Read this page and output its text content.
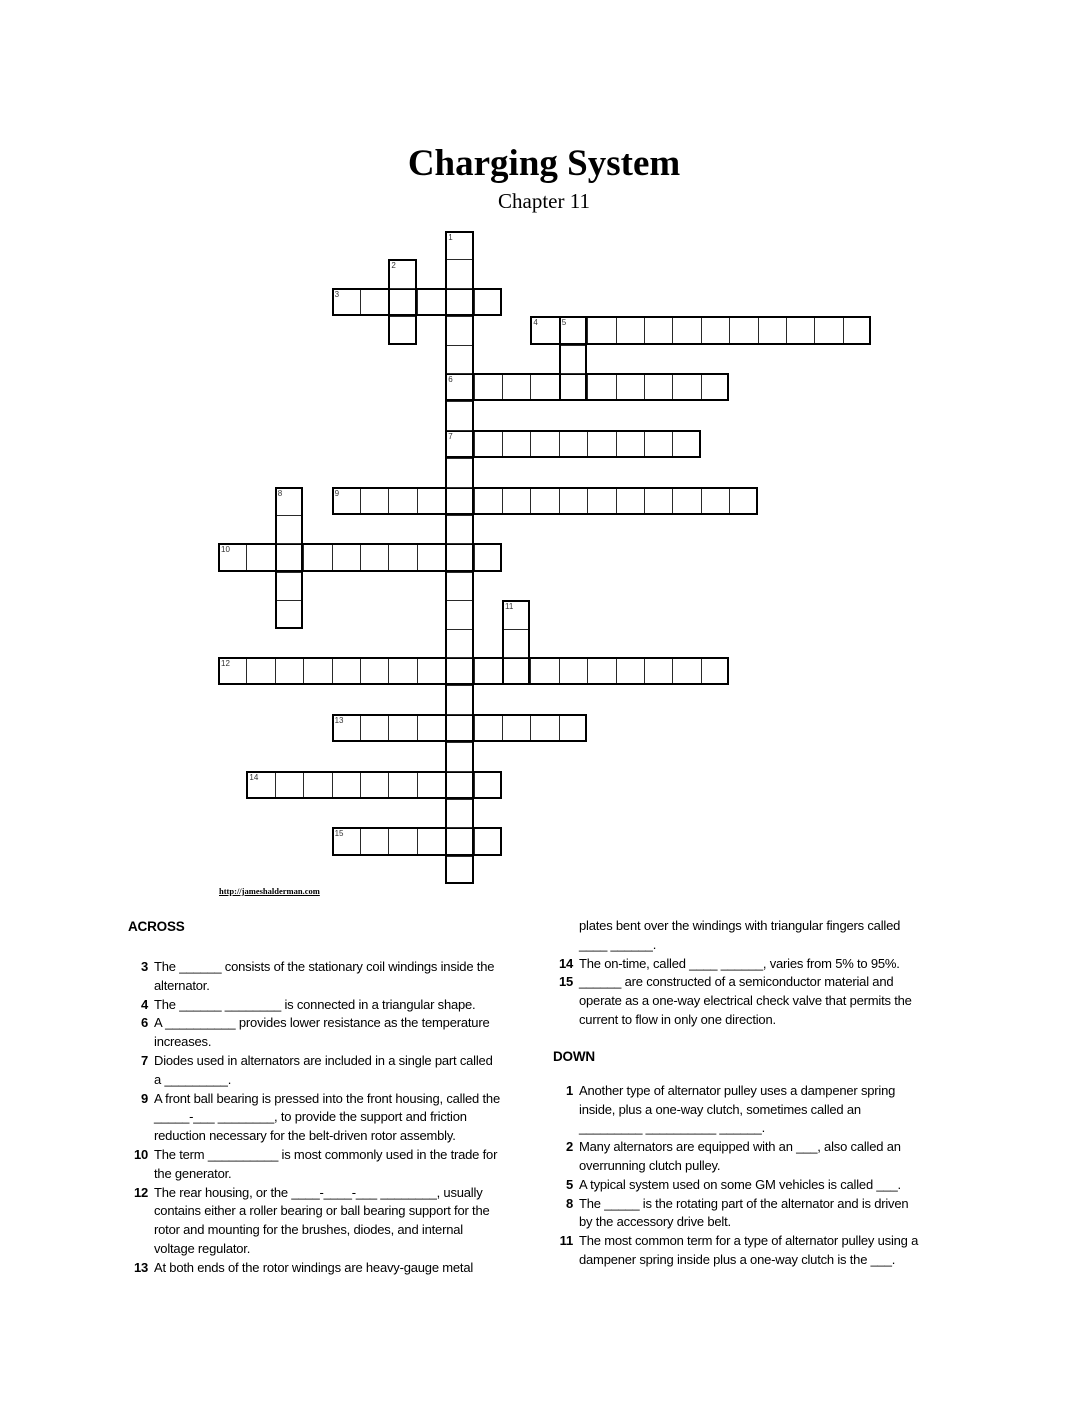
Charging System
Chapter 11
1
2
3
4	5
6
7
8	9
10
11
12
13
14
15
http://jameshalderman.com
ACROSS
3 The ______ consists of the stationary coil windings inside the alternator.
4 The ______ ________ is connected in a triangular shape.
6 A __________ provides lower resistance as the temperature increases.
7 Diodes used in alternators are included in a single part called a _________.
9 A front ball bearing is pressed into the front housing, called the _____-___ ________, to provide the support and friction reduction necessary for the belt-driven rotor assembly.
10 The term __________ is most commonly used in the trade for the generator.
12 The rear housing, or the ____-____-___ ________, usually contains either a roller bearing or ball bearing support for the rotor and mounting for the brushes, diodes, and internal voltage regulator.
13 At both ends of the rotor windings are heavy-gauge metal
plates bent over the windings with triangular fingers called ____ ______.
14 The on-time, called ____ ______, varies from 5% to 95%.
15 ______ are constructed of a semiconductor material and operate as a one-way electrical check valve that permits the current to flow in only one direction.
DOWN
1 Another type of alternator pulley uses a dampener spring inside, plus a one-way clutch, sometimes called an _________ __________ ______.
2 Many alternators are equipped with an ___, also called an overrunning clutch pulley.
5 A typical system used on some GM vehicles is called ___.
8 The _____ is the rotating part of the alternator and is driven by the accessory drive belt.
11 The most common term for a type of alternator pulley using a dampener spring inside plus a one-way clutch is the ___.
